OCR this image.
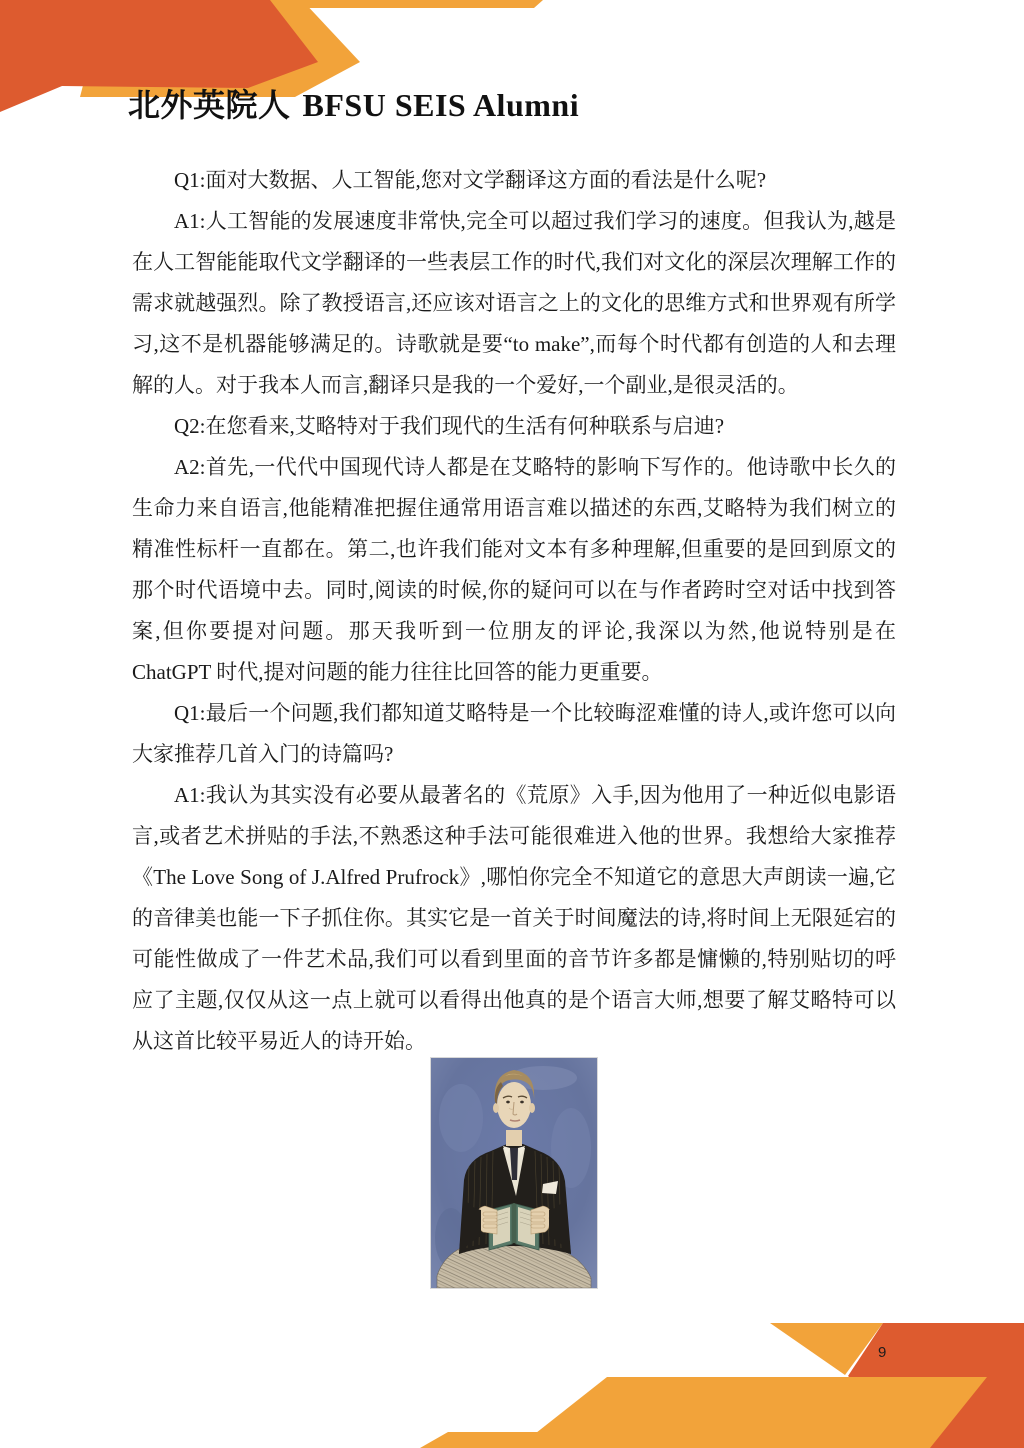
北外英院人 BFSU SEIS Alumni

Q1:面对大数据、人工智能,您对文学翻译这方面的看法是什么呢?

A1:人工智能的发展速度非常快,完全可以超过我们学习的速度。但我认为,越是在人工智能能取代文学翻译的一些表层工作的时代,我们对文化的深层次理解工作的需求就越强烈。除了教授语言,还应该对语言之上的文化的思维方式和世界观有所学习,这不是机器能够满足的。诗歌就是要“to make”,而每个时代都有创造的人和去理解的人。对于我本人而言,翻译只是我的一个爱好,一个副业,是很灵活的。

Q2:在您看来,艾略特对于我们现代的生活有何种联系与启迪?

A2:首先,一代代中国现代诗人都是在艾略特的影响下写作的。他诗歌中长久的生命力来自语言,他能精准把握住通常用语言难以描述的东西,艾略特为我们树立的精准性标杆一直都在。第二,也许我们能对文本有多种理解,但重要的是回到原文的那个时代语境中去。同时,阅读的时候,你的疑问可以在与作者跨时空对话中找到答案,但你要提对问题。那天我听到一位朋友的评论,我深以为然,他说特别是在 ChatGPT 时代,提对问题的能力往往比回答的能力更重要。

Q1:最后一个问题,我们都知道艾略特是一个比较晦涩难懂的诗人,或许您可以向大家推荐几首入门的诗篇吗?

A1:我认为其实没有必要从最著名的《荒原》入手,因为他用了一种近似电影语言,或者艺术拼贴的手法,不熟悉这种手法可能很难进入他的世界。我想给大家推荐《The Love Song of J.Alfred Prufrock》,哪怕你完全不知道它的意思大声朗读一遍,它的音律美也能一下子抓住你。其实它是一首关于时间魔法的诗,将时间上无限延宕的可能性做成了一件艺术品,我们可以看到里面的音节许多都是慵懒的,特别贴切的呼应了主题,仅仅从这一点上就可以看得出他真的是个语言大师,想要了解艾略特可以从这首比较平易近人的诗开始。

9
